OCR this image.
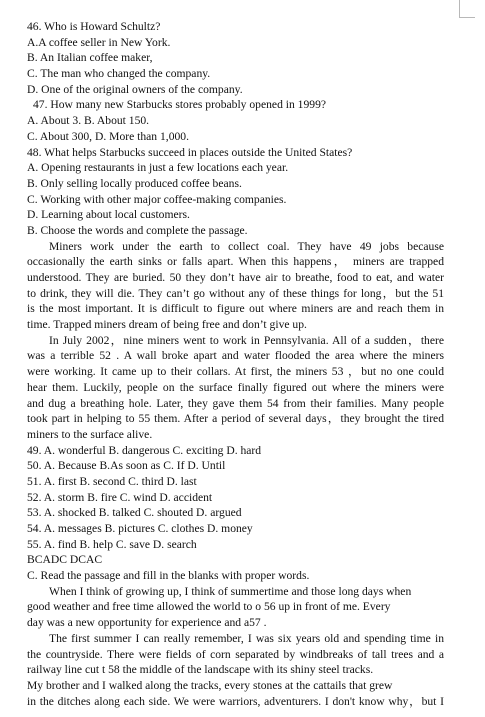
46. Who is Howard Schultz?
A.A coffee seller in New York.
B. An Italian coffee maker,
C. The man who changed the company.
D. One of the original owners of the company.
47. How many new Starbucks stores probably opened in 1999?
A. About 3. B. About 150.
C. About 300, D. More than 1,000.
48. What helps Starbucks succeed in places outside the United States?
A. Opening restaurants in just a few locations each year.
B. Only selling locally produced coffee beans.
C. Working with other major coffee-making companies.
D. Learning about local customers.
B. Choose the words and complete the passage.
Miners work under the earth to collect coal. They have 49 jobs because
occasionally the earth sinks or falls apart. When this happens， miners are trapped
understood. They are buried. 50 they don’t have air to breathe, food to eat, and water
to drink, they will die. They can’t go without any of these things for long，but the 51
is the most important. It is difficult to figure out where miners are and reach them in
time. Trapped miners dream of being free and don’t give up.
In July 2002，nine miners went to work in Pennsylvania. All of a sudden，there
was a terrible 52 . A wall broke apart and water flooded the area where the miners
were working. It came up to their collars. At first, the miners 53 ，but no one could
hear them. Luckily, people on the surface finally figured out where the miners were
and dug a breathing hole. Later, they gave them 54 from their families. Many people
took part in helping to 55 them. After a period of several days，they brought the tired
miners to the surface alive.
49. A. wonderful B. dangerous C. exciting D. hard
50. A. Because B.As soon as C. If D. Until
51. A. first B. second C. third D. last
52. A. storm B. fire C. wind D. accident
53. A. shocked B. talked C. shouted D. argued
54. A. messages B. pictures C. clothes D. money
55. A. find B. help C. save D. search
BCADC DCAC
C. Read the passage and fill in the blanks with proper words.
When I think of growing up, I think of summertime and those long days when
good weather and free time allowed the world to o 56 up in front of me. Every
day was a new opportunity for experience and a57 .
The first summer I can really remember, I was six years old and spending time in
the countryside. There were fields of corn separated by windbreaks of tall trees and a
railway line cut t 58 the middle of the landscape with its shiny steel tracks.
My brother and I walked along the tracks, every stones at the cattails that grew
in the ditches along each side. We were warriors, adventurers. I don't know why，but I
